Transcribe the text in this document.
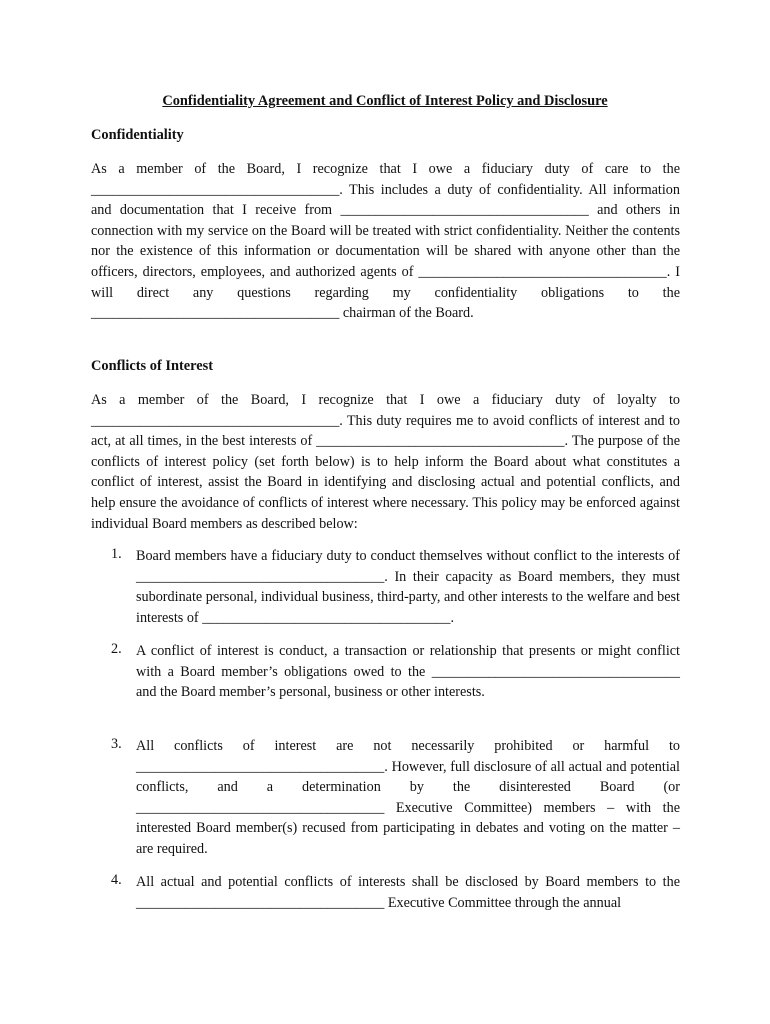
Confidentiality Agreement and Conflict of Interest Policy and Disclosure
Confidentiality

As a member of the Board, I recognize that I owe a fiduciary duty of care to the ___________________________________. This includes a duty of confidentiality. All information and documentation that I receive from ___________________________________ and others in connection with my service on the Board will be treated with strict confidentiality. Neither the contents nor the existence of this information or documentation will be shared with anyone other than the officers, directors, employees, and authorized agents of ___________________________________. I will direct any questions regarding my confidentiality obligations to the ___________________________________ chairman of the Board.

Conflicts of Interest

As a member of the Board, I recognize that I owe a fiduciary duty of loyalty to ___________________________________. This duty requires me to avoid conflicts of interest and to act, at all times, in the best interests of ___________________________________. The purpose of the conflicts of interest policy (set forth below) is to help inform the Board about what constitutes a conflict of interest, assist the Board in identifying and disclosing actual and potential conflicts, and help ensure the avoidance of conflicts of interest where necessary. This policy may be enforced against individual Board members as described below:

1. Board members have a fiduciary duty to conduct themselves without conflict to the interests of ___________________________________. In their capacity as Board members, they must subordinate personal, individual business, third-party, and other interests to the welfare and best interests of ___________________________________.

2. A conflict of interest is conduct, a transaction or relationship that presents or might conflict with a Board member’s obligations owed to the ___________________________________ and the Board member’s personal, business or other interests.

3. All conflicts of interest are not necessarily prohibited or harmful to ___________________________________. However, full disclosure of all actual and potential conflicts, and a determination by the disinterested Board (or ___________________________________ Executive Committee) members – with the interested Board member(s) recused from participating in debates and voting on the matter – are required.

4. All actual and potential conflicts of interests shall be disclosed by Board members to the ___________________________________ Executive Committee through the annual
